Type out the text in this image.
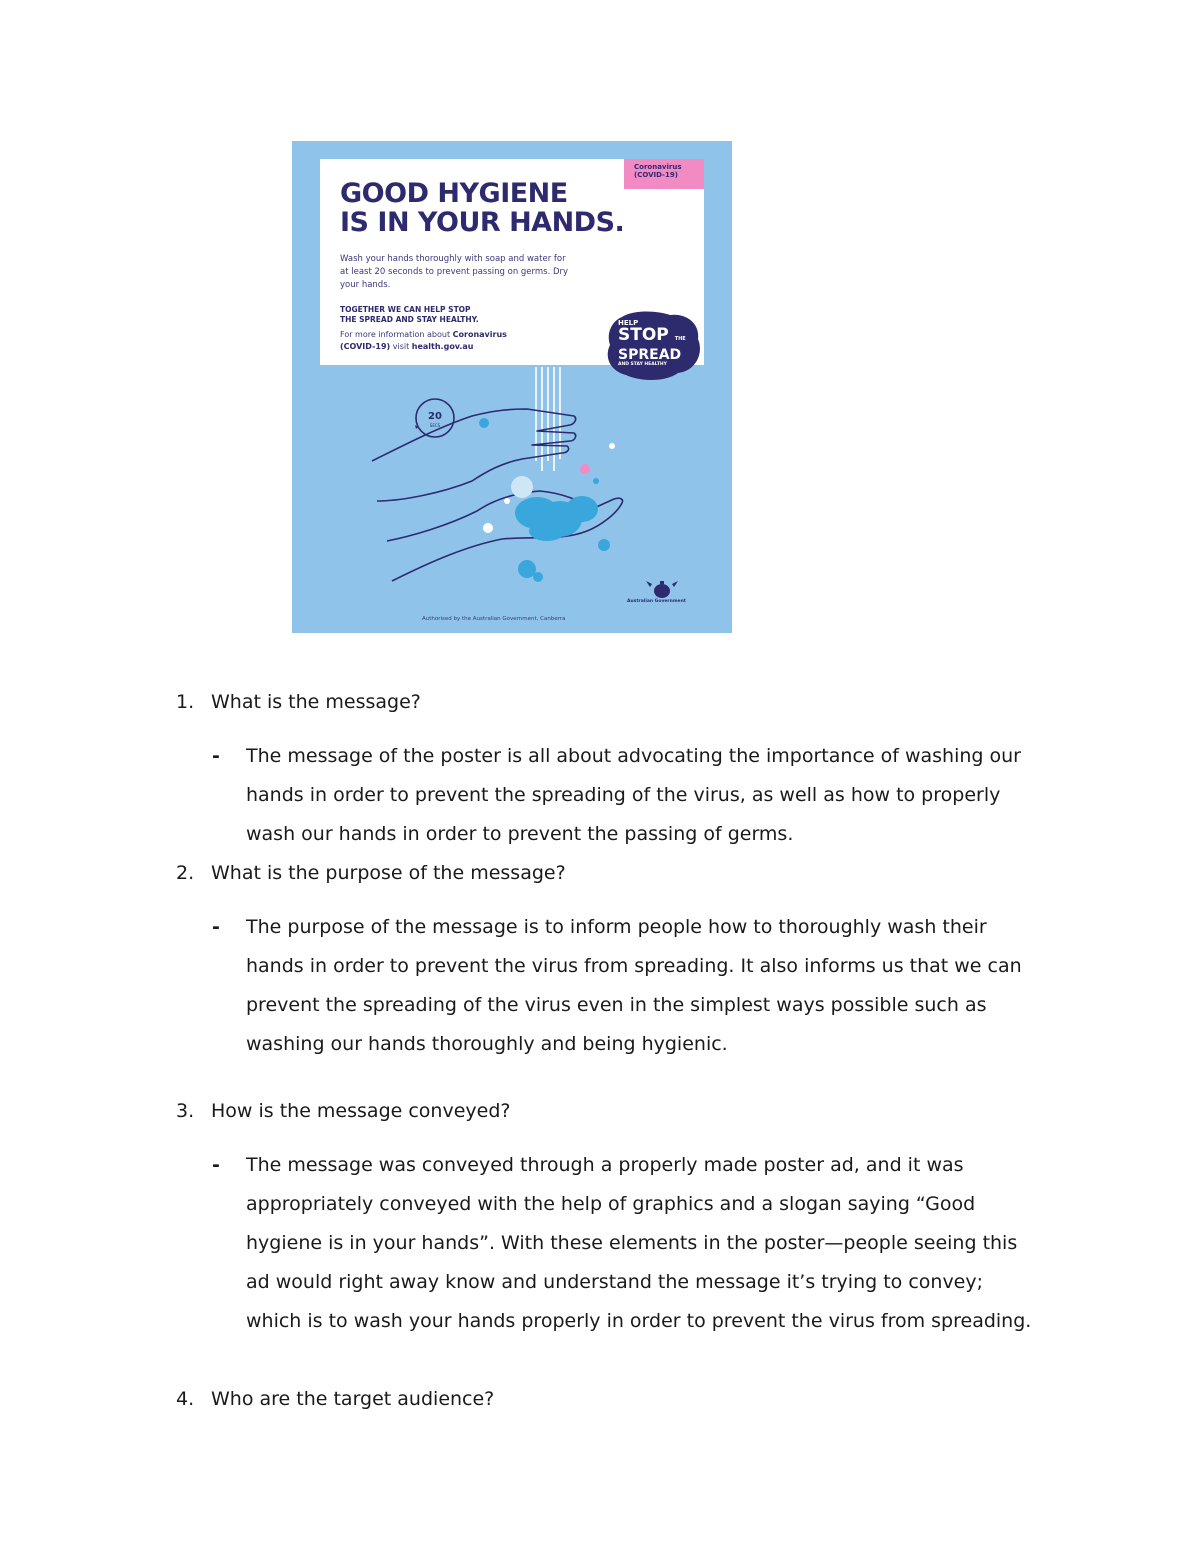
20
SECS
Coronavirus (COVID-19)
GOOD HYGIENE
IS IN YOUR HANDS.
Wash your hands thoroughly with soap and water for at least 20 seconds to prevent passing on germs. Dry your hands.
TOGETHER WE CAN HELP STOP
THE SPREAD AND STAY HEALTHY.
For more information about Coronavirus
(COVID-19) visit health.gov.au
HELP
STOP THE
SPREAD
AND STAY HEALTHY
Australian Government
Authorised by the Australian Government, Canberra
1. What is the message?
- The message of the poster is all about advocating the importance of washing our
hands in order to prevent the spreading of the virus, as well as how to properly
wash our hands in order to prevent the passing of germs.
2. What is the purpose of the message?
- The purpose of the message is to inform people how to thoroughly wash their
hands in order to prevent the virus from spreading. It also informs us that we can
prevent the spreading of the virus even in the simplest ways possible such as
washing our hands thoroughly and being hygienic.
3. How is the message conveyed?
- The message was conveyed through a properly made poster ad, and it was
appropriately conveyed with the help of graphics and a slogan saying “Good
hygiene is in your hands”. With these elements in the poster—people seeing this
ad would right away know and understand the message it’s trying to convey;
which is to wash your hands properly in order to prevent the virus from spreading.
4. Who are the target audience?
